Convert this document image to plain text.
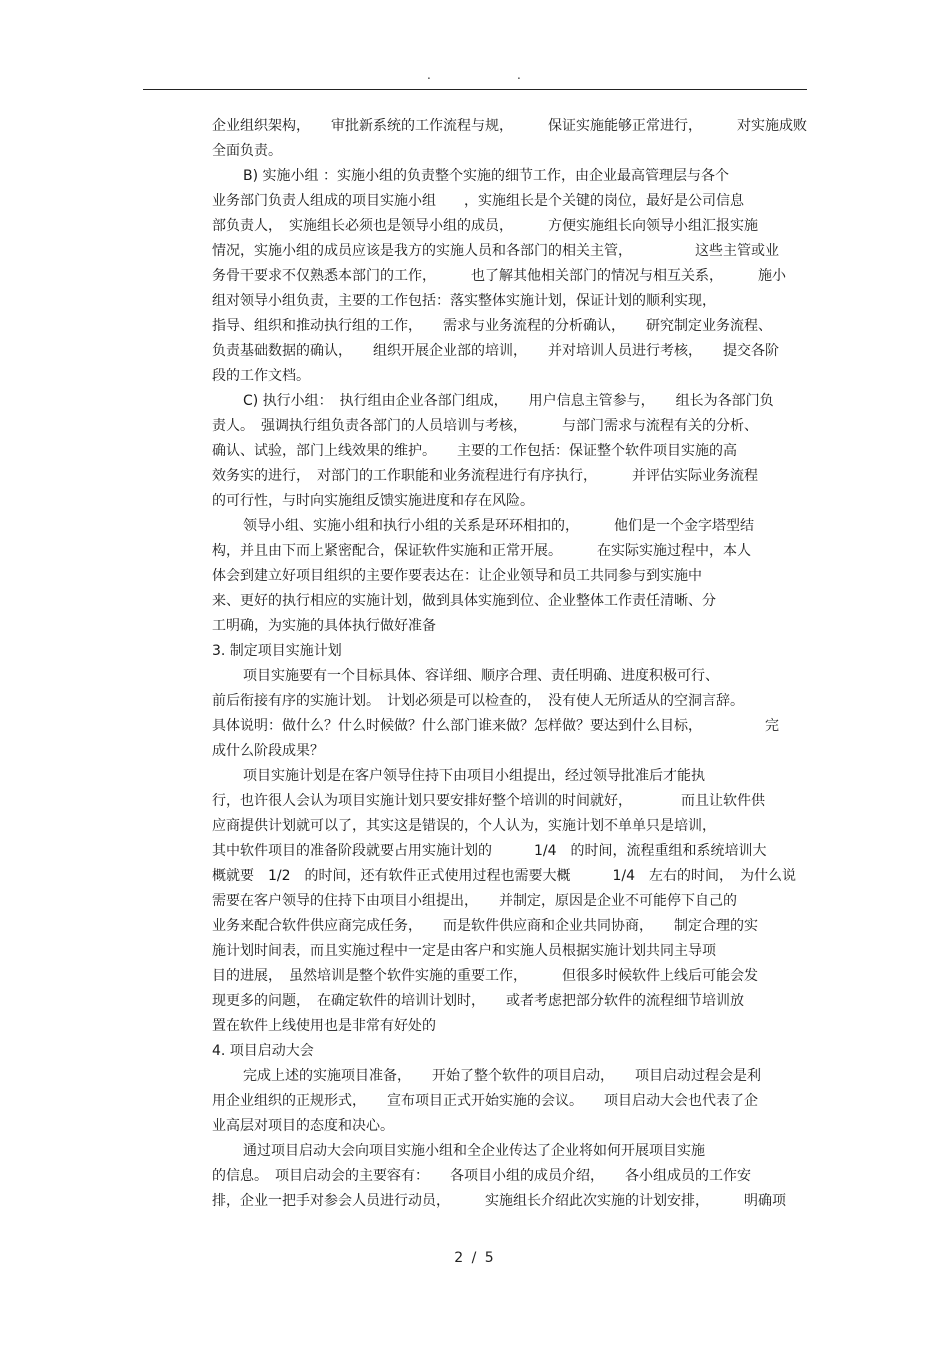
.	.
企业组织架构，　　审批新系统的工作流程与规，　　　保证实施能够正常进行，　　　对实施成败
全面负责。
B) 实施小组 ：实施小组的负责整个实施的细节工作，由企业最高管理层与各个
业务部门负责人组成的项目实施小组　　，实施组长是个关键的岗位，最好是公司信息
部负责人，　实施组长必须也是领导小组的成员，　　　方便实施组长向领导小组汇报实施
情况，实施小组的成员应该是我方的实施人员和各部门的相关主管，　　　　　这些主管或业
务骨干要求不仅熟悉本部门的工作，　　　也了解其他相关部门的情况与相互关系，　　　施小
组对领导小组负责，主要的工作包括：落实整体实施计划，保证计划的顺利实现，
指导、组织和推动执行组的工作，　　需求与业务流程的分析确认，　　研究制定业务流程、
负责基础数据的确认，　　组织开展企业部的培训，　　并对培训人员进行考核，　　提交各阶
段的工作文档。
C) 执行小组：　执行组由企业各部门组成，　　用户信息主管参与，　　组长为各部门负
责人。　强调执行组负责各部门的人员培训与考核，　　　与部门需求与流程有关的分析、
确认、试验，部门上线效果的维护。　　主要的工作包括：保证整个软件项目实施的高
效务实的进行，　对部门的工作职能和业务流程进行有序执行，　　　并评估实际业务流程
的可行性，与时向实施组反馈实施进度和存在风险。
领导小组、实施小组和执行小组的关系是环环相扣的，　　　他们是一个金字塔型结
构，并且由下而上紧密配合，保证软件实施和正常开展。　　　在实际实施过程中，本人
体会到建立好项目组织的主要作要表达在：让企业领导和员工共同参与到实施中
来、更好的执行相应的实施计划，做到具体实施到位、企业整体工作责任清晰、分
工明确，为实施的具体执行做好准备
3. 制定项目实施计划
项目实施要有一个目标具体、容详细、顺序合理、责任明确、进度积极可行、
前后衔接有序的实施计划。　计划必须是可以检查的，　没有使人无所适从的空洞言辞。
具体说明：做什么？什么时候做？什么部门谁来做？怎样做？要达到什么目标，　　　　　完
成什么阶段成果？
项目实施计划是在客户领导住持下由项目小组提出，经过领导批准后才能执
行，也许很人会认为项目实施计划只要安排好整个培训的时间就好，　　　　而且让软件供
应商提供计划就可以了，其实这是错误的，个人认为，实施计划不单单只是培训，
其中软件项目的准备阶段就要占用实施计划的　　　1/4　的时间，流程重组和系统培训大
概就要　1/2　的时间，还有软件正式使用过程也需要大概　　　1/4　左右的时间，　为什么说
需要在客户领导的住持下由项目小组提出，　　并制定，原因是企业不可能停下自己的
业务来配合软件供应商完成任务，　　而是软件供应商和企业共同协商，　　制定合理的实
施计划时间表，而且实施过程中一定是由客户和实施人员根据实施计划共同主导项
目的进展，　虽然培训是整个软件实施的重要工作，　　　但很多时候软件上线后可能会发
现更多的问题，　在确定软件的培训计划时，　　或者考虑把部分软件的流程细节培训放
置在软件上线使用也是非常有好处的
4. 项目启动大会
完成上述的实施项目准备，　　开始了整个软件的项目启动，　　项目启动过程会是利
用企业组织的正规形式，　　宣布项目正式开始实施的会议。　　项目启动大会也代表了企
业高层对项目的态度和决心。
通过项目启动大会向项目实施小组和全企业传达了企业将如何开展项目实施
的信息。　项目启动会的主要容有：　　各项目小组的成员介绍，　　各小组成员的工作安
排，企业一把手对参会人员进行动员，　　　实施组长介绍此次实施的计划安排，　　　明确项
2 / 5
